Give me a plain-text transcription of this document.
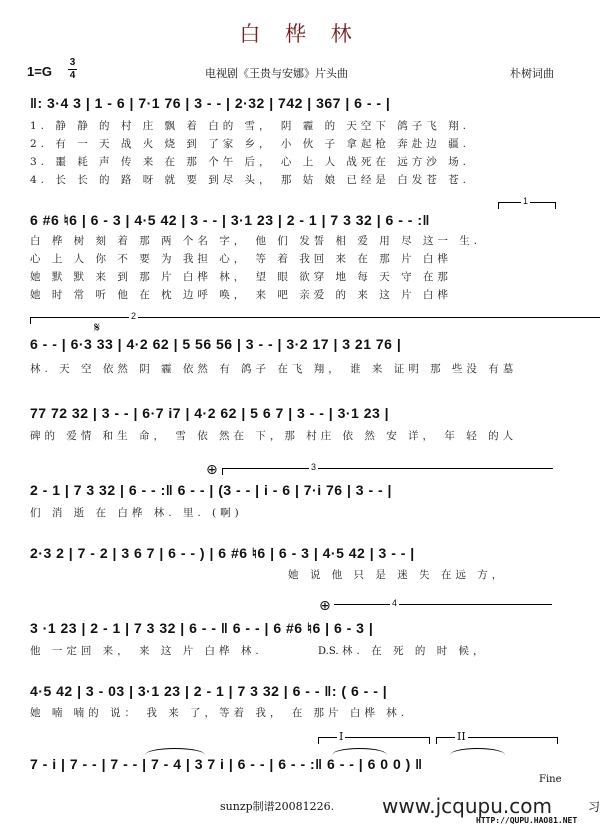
白 桦 林
1=G
3
4	电视剧《王贵与安娜》片头曲	朴树词曲
‖: 3·4 3 | 1 - 6 | 7·1 76 | 3 - - | 2·32 | 742 | 367 | 6 - - |
1. 静 静 的 村 庄 飘 着 白的 雪， 阴 霾 的 天空下 鸽子飞 翔.
2. 有 一 天 战 火 烧 到 了家 乡， 小 伙 子 拿起枪 奔赴边 疆.
3. 噩 耗 声 传 来 在 那 个午 后， 心 上 人 战死在 远方沙 场.
4. 长 长 的 路 呀 就 要 到尽 头， 那 姑 娘 已经是 白发苍 苍.
1
6 #6 ♮6 | 6 - 3 | 4·5 42 | 3 - - | 3·1 23 | 2 - 1 | 7 3 32 | 6 - - :‖
白 桦 树 刻 着 那 两 个名 字， 他 们 发誓 相 爱 用 尽 这一 生.
心 上 人 你 不 要 为 我担 心， 等 着 我回 来 在 那 片 白桦
她 默 默 来 到 那 片 白桦 林， 望 眼 欲穿 地 每 天 守 在那
她 时 常 听 他 在 枕 边呼 唤， 来 吧 亲爱 的 来 这 片 白桦
2
𝄋
6 - - | 6·3 33 | 4·2 62 | 5 56 56 | 3 - - | 3·2 17 | 3 21 76 |
林. 天 空 依然 阴 霾 依然 有 鸽子 在飞 翔， 谁 来 证明 那 些没 有墓
77 72 32 | 3 - - | 6·7 i7 | 4·2 62 | 5 6 7 | 3 - - | 3·1 23 |
碑的 爱情 和生 命， 雪 依 然在 下，那 村庄 依 然 安 详， 年 轻 的人
⊕	3
2 - 1 | 7 3 32 | 6 - - :‖ 6 - - | (3 - - | i - 6 | 7·i 76 | 3 - - |
们 消 逝 在 白桦 林. 里. (啊)
2·3 2 | 7 - 2 | 3 6 7 | 6 - - ) | 6 #6 ♮6 | 6 - 3 | 4·5 42 | 3 - - |
她 说 他 只 是 迷 失 在远 方，
⊕	4
3 ·1 23 | 2 - 1 | 7 3 32 | 6 - - ‖ 6 - - | 6 #6 ♮6 | 6 - 3 |
他 一定回 来， 来 这 片 白桦 林.	D.S. 林. 在 死 的 时 候，
4·5 42 | 3 - 03 | 3·1 23 | 2 - 1 | 7 3 32 | 6 - - ‖: ( 6 - - |
她 喃 喃的 说： 我 来 了，等着 我， 在 那片 白桦 林.
I	II
7 - i | 7 - - | 7 - - | 7 - 4 | 3 7 i | 6 - - | 6 - - :‖ 6 - - | 6 0 0 ) ‖
Fine
sunzp制谱20081226. www.jcqupu.com	习
HTTP://QUPU.HAO81.NET
